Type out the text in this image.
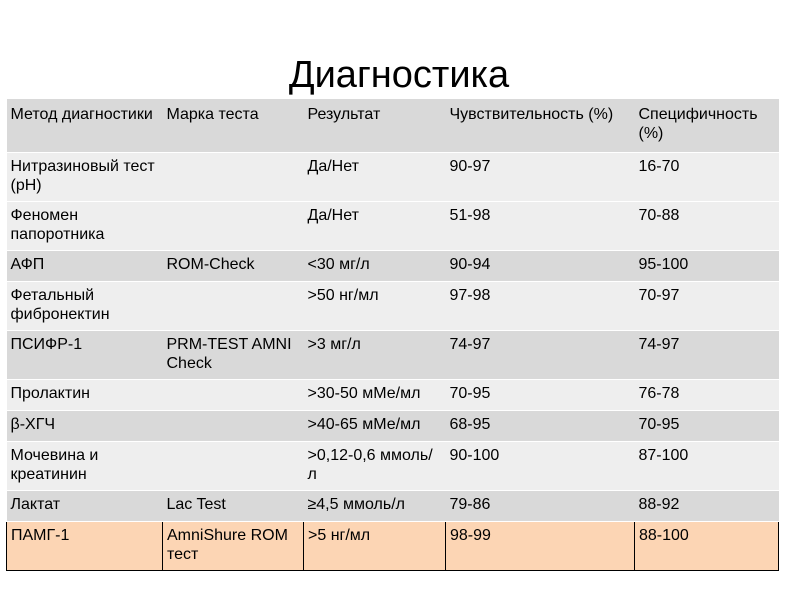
Диагностика
Метод диагностики	Марка теста	Результат	Чувствительность (%)	Специфичность (%)
Нитразиновый тест (pH)		Да/Нет	90-97	16-70
Феномен папоротника		Да/Нет	51-98	70-88
АФП	ROM-Check	<30 мг/л	90-94	95-100
Фетальный фибронектин		>50 нг/мл	97-98	70-97
ПСИФР-1	PRM-TEST AMNI Check	>3 мг/л	74-97	74-97
Пролактин		>30-50 мМе/мл	70-95	76-78
β-ХГЧ		>40-65 мМе/мл	68-95	70-95
Мочевина и креатинин		>0,12-0,6 ммоль/л	90-100	87-100
Лактат	Lac Test	≥4,5 ммоль/л	79-86	88-92
ПАМГ-1	AmniShure ROM тест	>5 нг/мл	98-99	88-100
